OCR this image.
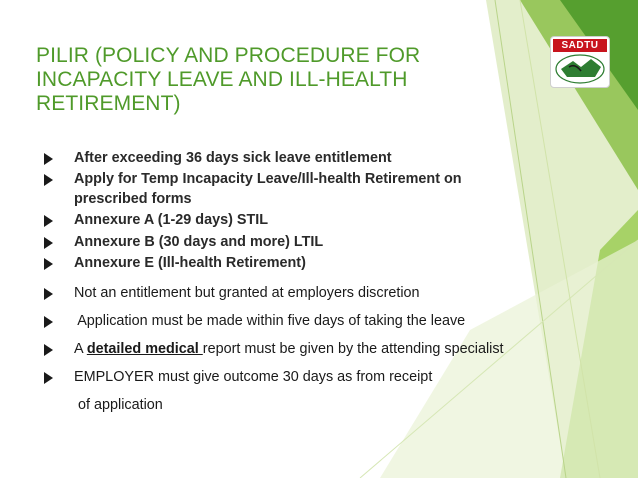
PILIR (POLICY AND PROCEDURE FOR
INCAPACITY LEAVE AND ILL-HEALTH
RETIREMENT)
SADTU
After exceeding 36 days sick leave entitlement
Apply for Temp Incapacity Leave/Ill-health Retirement on
prescribed forms
Annexure A (1-29 days) STIL
Annexure B (30 days and more) LTIL
Annexure E (Ill-health Retirement)
Not an entitlement but granted at employers discretion
Application must be made within five days of taking the leave
A detailed medical report must be given by the attending specialist
EMPLOYER must give outcome 30 days as from receipt
of application
